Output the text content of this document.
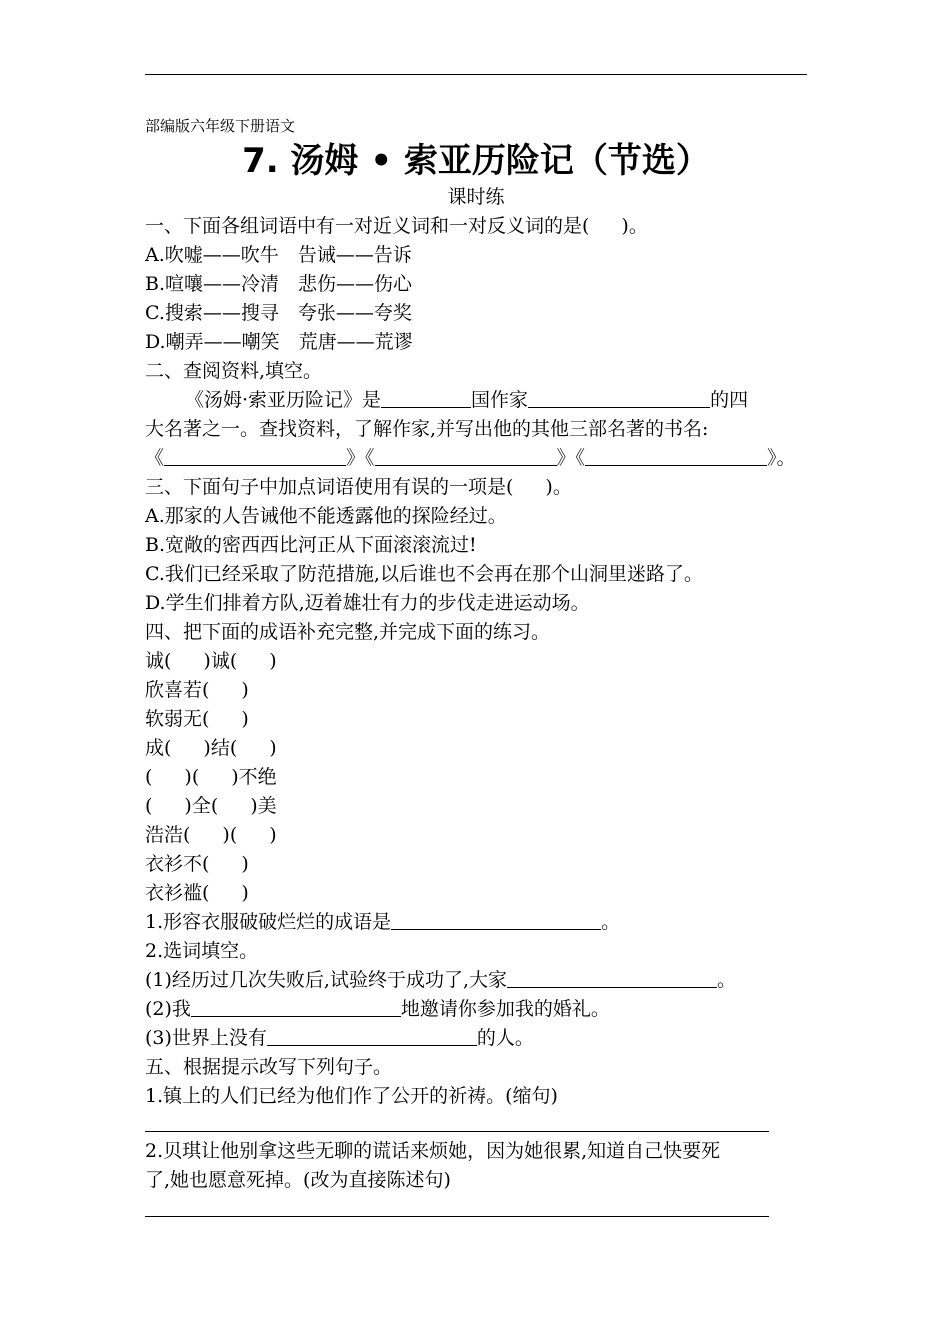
部编版六年级下册语文
7. 汤姆 • 索亚历险记（节选）
课时练
一、下面各组词语中有一对近义词和一对反义词的是( )。
A.吹嘘——吹牛　告诫——告诉
B.喧嚷——冷清　悲伤——伤心
C.搜索——搜寻　夸张——夸奖
D.嘲弄——嘲笑　荒唐——荒谬
二、查阅资料,填空。
《汤姆·索亚历险记》是	国作家	的四
大名著之一。查找资料，了解作家,并写出他的其他三部名著的书名:
《	》《	》《	》。
三、下面句子中加点词语使用有误的一项是( )。
A.那家的人告诫他不能透露他的探险经过。
B.宽敞的密西西比河正从下面滚滚流过!
C.我们已经采取了防范措施,以后谁也不会再在那个山洞里迷路了。
D.学生们排着方队,迈着雄壮有力的步伐走进运动场。
四、把下面的成语补充完整,并完成下面的练习。
诚( )诚( )
欣喜若( )
软弱无( )
成( )结( )
( )( )不绝
( )全( )美
浩浩( )( )
衣衫不( )
衣衫褴( )
1.形容衣服破破烂烂的成语是	。
2.选词填空。
(1)经历过几次失败后,试验终于成功了,大家	。
(2)我	地邀请你参加我的婚礼。
(3)世界上没有	的人。
五、根据提示改写下列句子。
1.镇上的人们已经为他们作了公开的祈祷。(缩句)
2.贝琪让他别拿这些无聊的谎话来烦她，因为她很累,知道自己快要死
了,她也愿意死掉。(改为直接陈述句)
